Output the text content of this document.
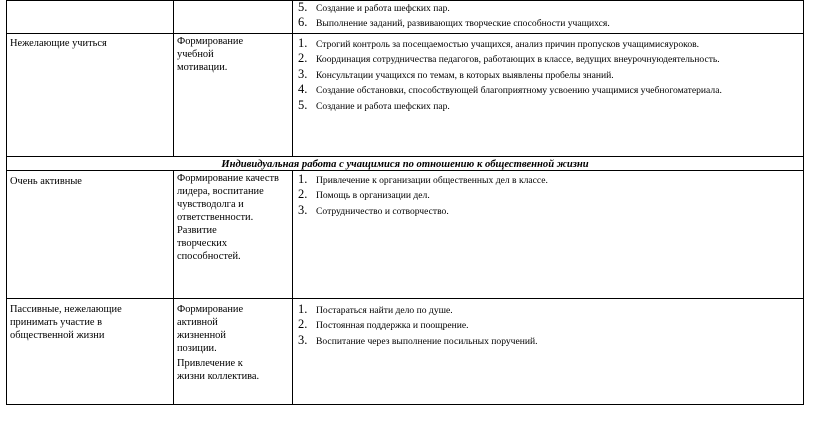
5. Создание и работа шефских пар.
6. Выполнение заданий, развивающих творческие способности учащихся.
Нежелающие учиться	Формирование учебной мотивации.
1. Строгий контроль за посещаемостью учащихся, анализ причин пропусков учащимисяуроков.
2. Координация сотрудничества педагогов, работающих в классе, ведущих внеурочнуюдеятельность.
3. Консультации учащихся по темам, в которых выявлены пробелы знаний.
4. Создание обстановки, способствующей благоприятному усвоению учащимися учебногоматериала.
5. Создание и работа шефских пар.
Индивидуальная работа с учащимися по отношению к общественной жизни
Очень активные	Формирование качеств лидера, воспитание чувстводолга и ответственности.
Развитие творческих способностей.
1. Привлечение к организации общественных дел в классе.
2. Помощь в организации дел.
3. Сотрудничество и сотворчество.
Пассивные, нежелающие принимать участие в общественной жизни
Формирование активной жизненной позиции.
Привлечение к жизни коллектива.
1. Постараться найти дело по душе.
2. Постоянная поддержка и поощрение.
3. Воспитание через выполнение посильных поручений.
